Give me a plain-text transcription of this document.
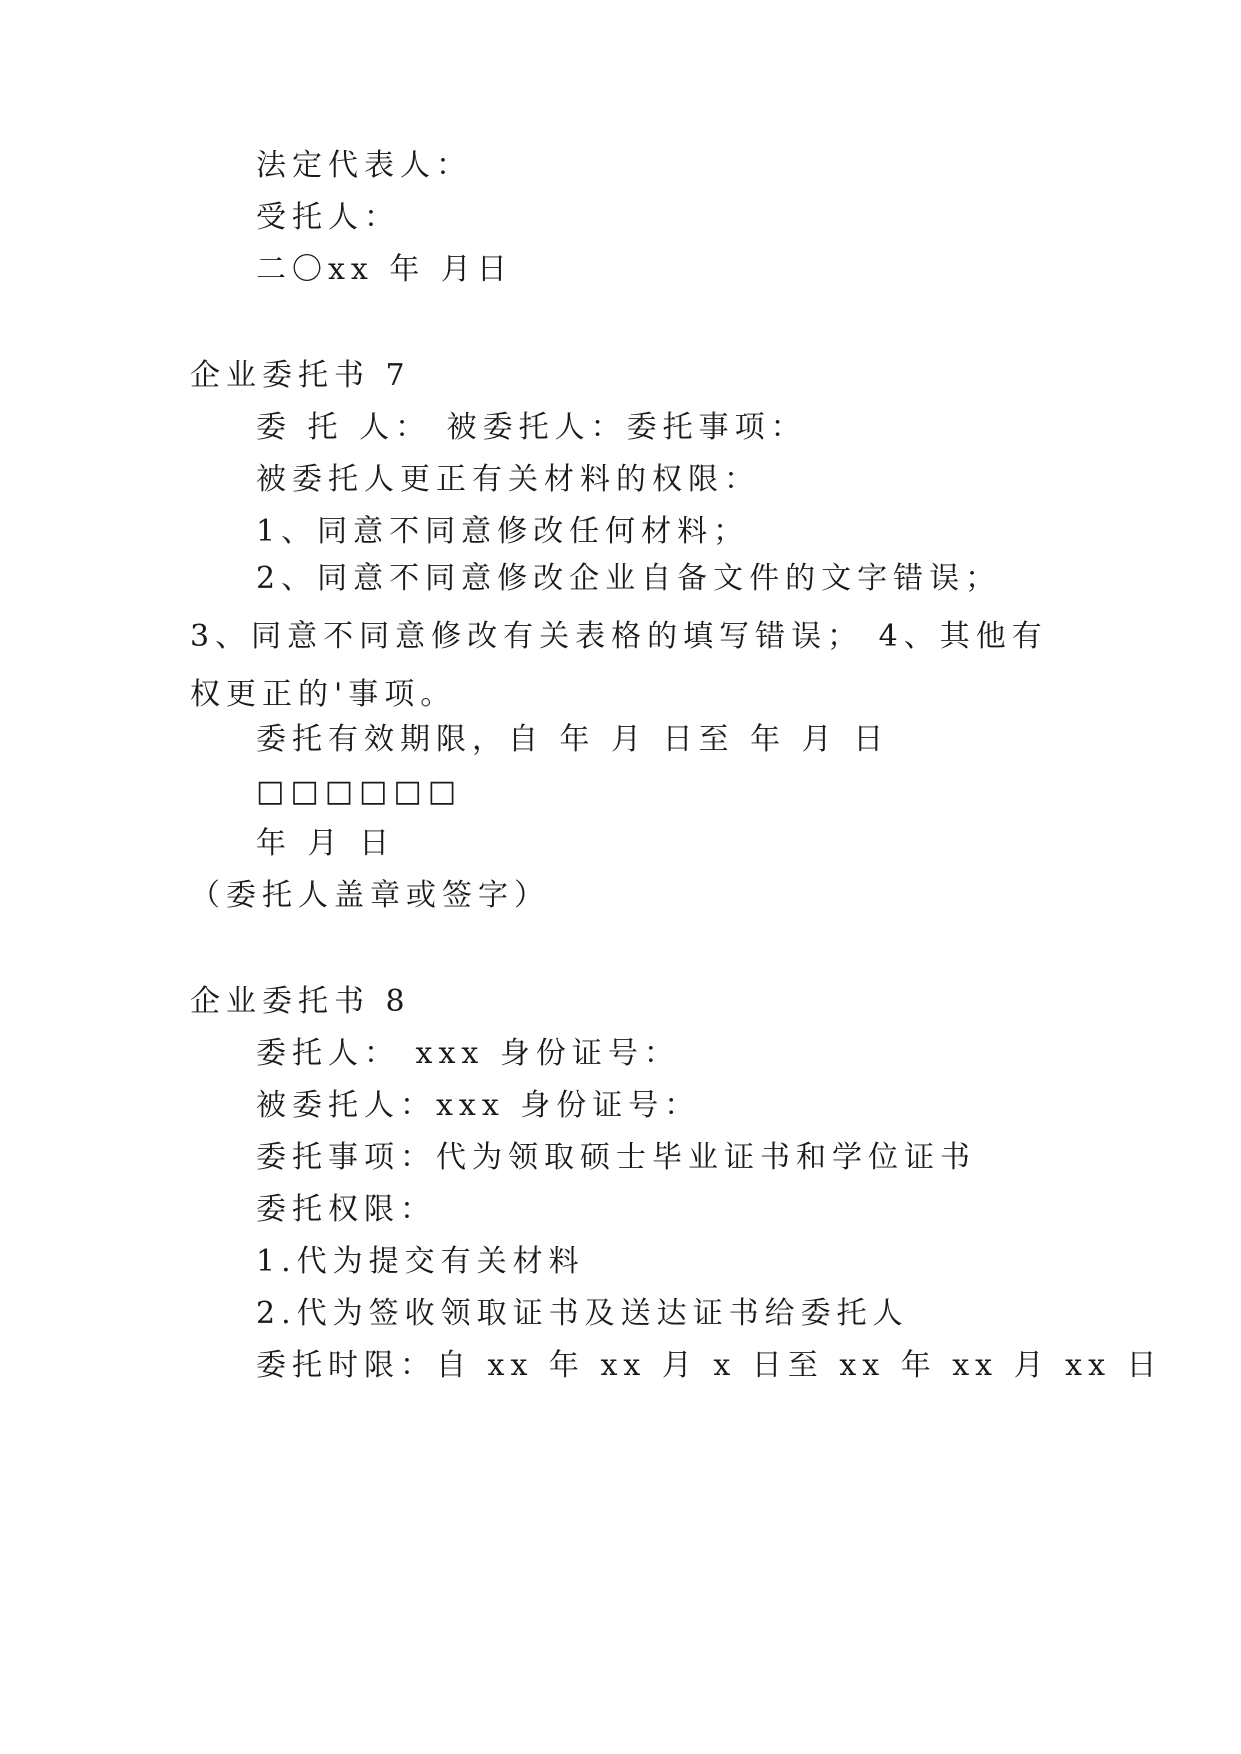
法定代表人：
受托人：
二〇xx 年 月日
企业委托书 7
委 托 人： 被委托人：委托事项：
被委托人更正有关材料的权限：
1、同意不同意修改任何材料；
2、同意不同意修改企业自备文件的文字错误； 3、同意不同意修改有关表格的填写错误； 4、其他有权更正的'事项。
委托有效期限，自 年 月 日至 年 月 日
□□□□□□
年 月 日
（委托人盖章或签字）
企业委托书 8
委托人： xxx 身份证号：
被委托人：xxx 身份证号：
委托事项：代为领取硕士毕业证书和学位证书
委托权限：
1.代为提交有关材料
2.代为签收领取证书及送达证书给委托人
委托时限：自 xx 年 xx 月 x 日至 xx 年 xx 月 xx 日
